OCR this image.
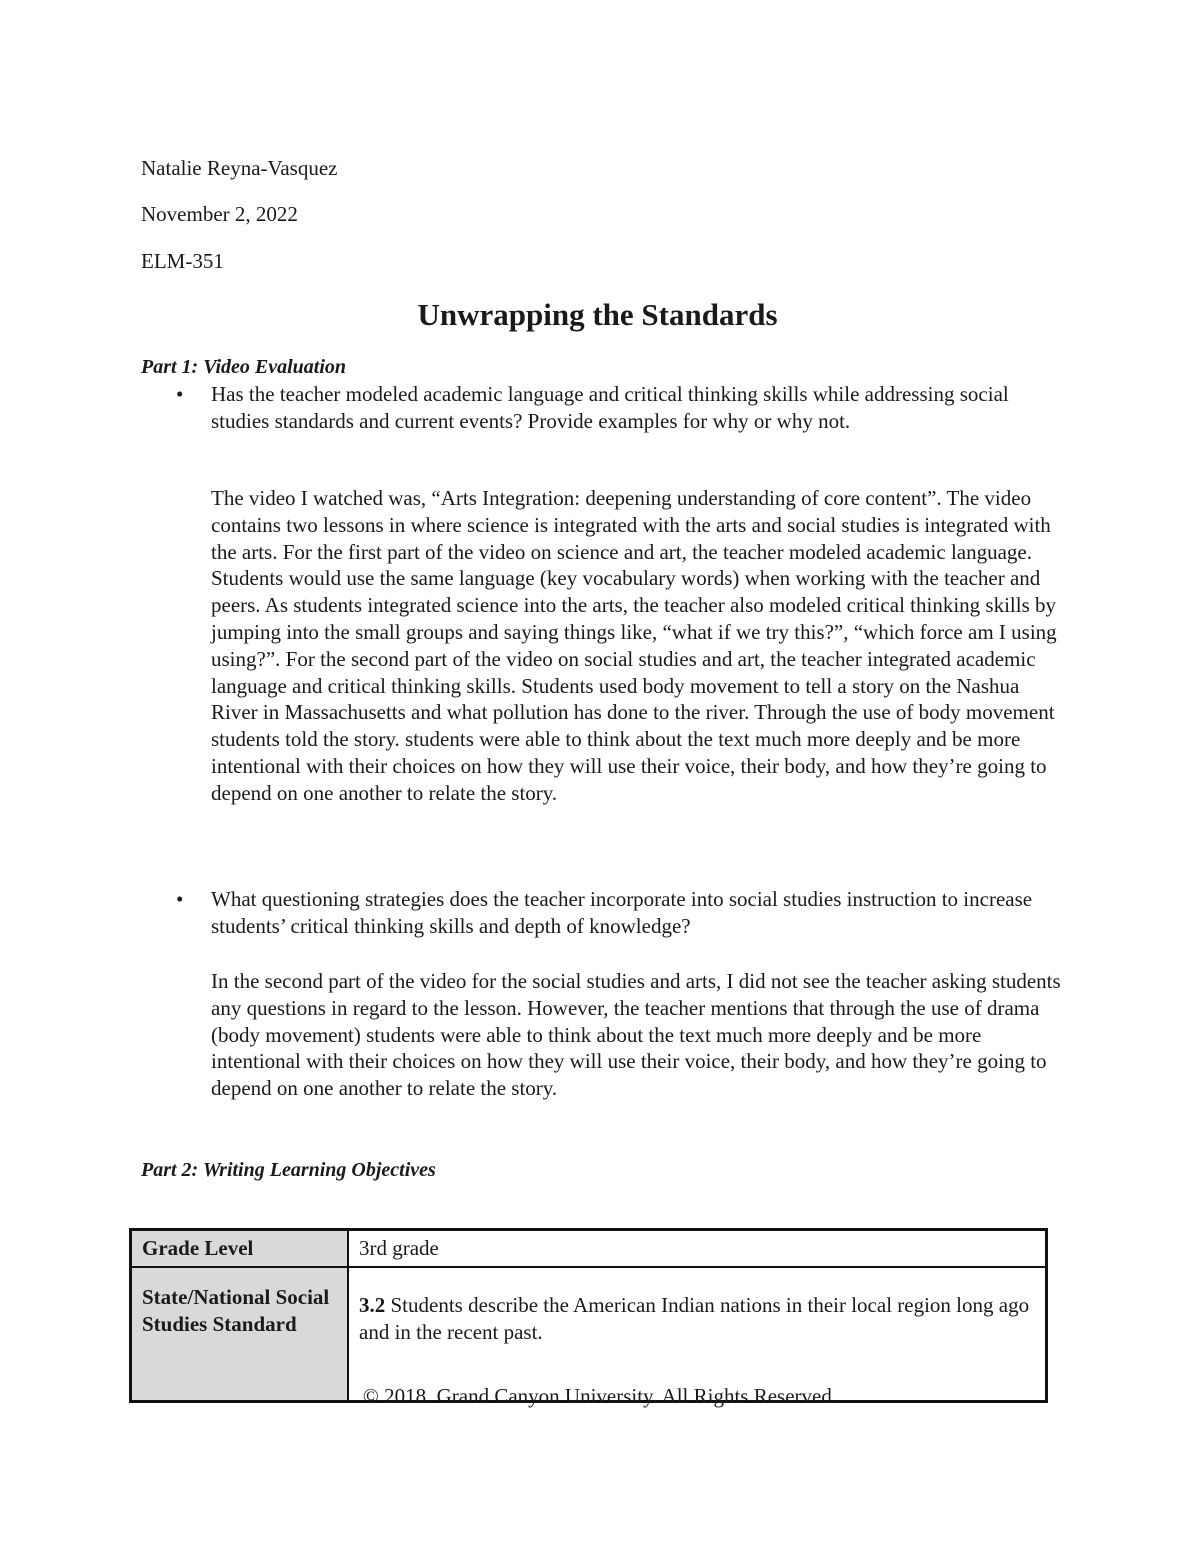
Natalie Reyna-Vasquez
November 2, 2022
ELM-351
Unwrapping the Standards
Part 1: Video Evaluation
• Has the teacher modeled academic language and critical thinking skills while addressing social studies standards and current events? Provide examples for why or why not.

The video I watched was, “Arts Integration: deepening understanding of core content”. The video contains two lessons in where science is integrated with the arts and social studies is integrated with the arts. For the first part of the video on science and art, the teacher modeled academic language. Students would use the same language (key vocabulary words) when working with the teacher and peers. As students integrated science into the arts, the teacher also modeled critical thinking skills by jumping into the small groups and saying things like, “what if we try this?”, “which force am I using using?”. For the second part of the video on social studies and art, the teacher integrated academic language and critical thinking skills. Students used body movement to tell a story on the Nashua River in Massachusetts and what pollution has done to the river. Through the use of body movement students told the story. students were able to think about the text much more deeply and be more intentional with their choices on how they will use their voice, their body, and how they’re going to depend on one another to relate the story.

• What questioning strategies does the teacher incorporate into social studies instruction to increase students’ critical thinking skills and depth of knowledge?

In the second part of the video for the social studies and arts, I did not see the teacher asking students any questions in regard to the lesson. However, the teacher mentions that through the use of drama (body movement) students were able to think about the text much more deeply and be more intentional with their choices on how they will use their voice, their body, and how they’re going to depend on one another to relate the story.

Part 2: Writing Learning Objectives
Grade Level	3rd grade
State/National Social Studies Standard	3.2 Students describe the American Indian nations in their local region long ago and in the recent past.
© 2018. Grand Canyon University. All Rights Reserved.
